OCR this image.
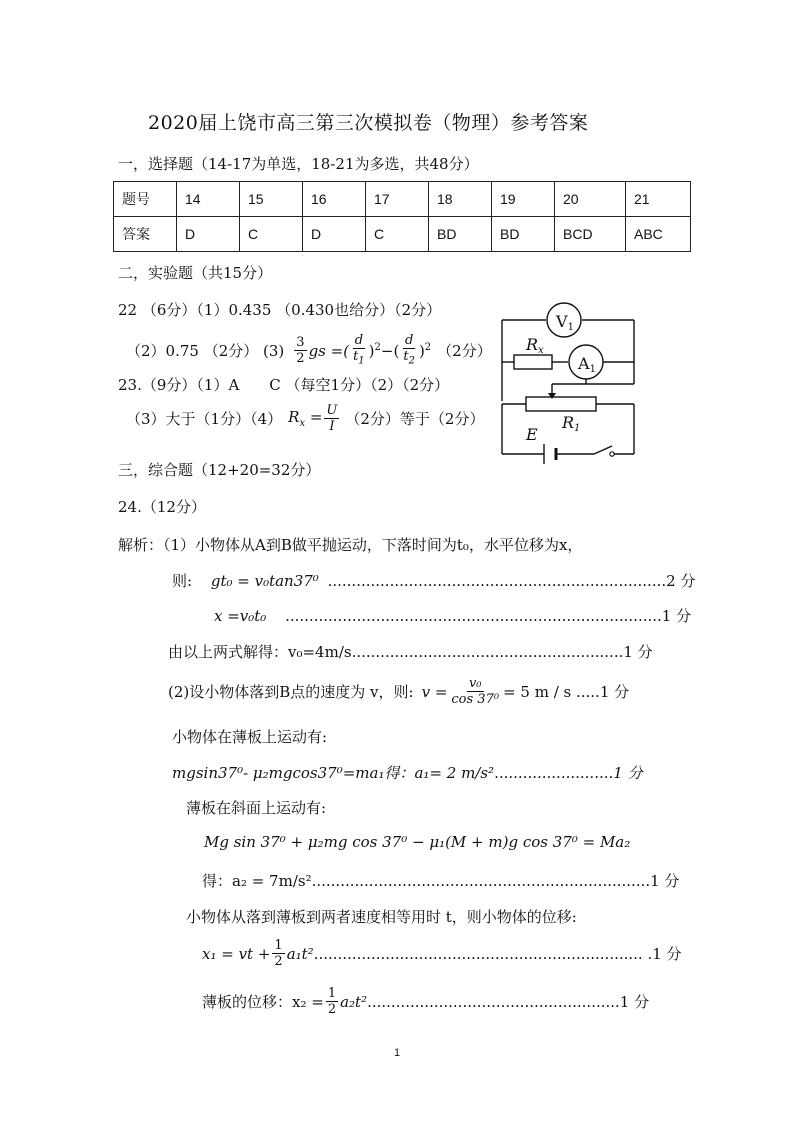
2020届上饶市高三第三次模拟卷（物理）参考答案
一，选择题（14-17为单选，18-21为多选，共48分）
题号	14	15	16	17	18	19	20	21
答案	D	C	D	C	BD	BD	BCD	ABC
二，实验题（共15分）
22 （6分）（1）0.435 （0.430也给分）（2分）
（2）0.75 （2分） $(3) \frac{3}{2}$ gs =( $\frac{d}{t_1} )^2-( \frac{d}{t_2} )^2$ （2分）
23.（9分）（1）A　　C （每空1分）（2）（2分）
（3）大于（1分）（4） $R_x = \frac{U}{I} (2$分）等于（2分）
V1
A1
Rx
R1
E
三，综合题（12+20=32分）
24.（12分）
解析：（1）小物体从A到B做平抛运动，下落时间为t₀，水平位移为x，
则: gt₀ = v₀tan37⁰ .......................................................................2 分
x =v₀t₀ ...............................................................................1 分
由以上两式解得：v₀=4m/s.........................................................1 分
(2)设小物体落到B点的速度为 v，则: $v = \frac{\text{v₀}}{\text{cos 37⁰}} = 5$ m / s .....1 分
小物体在薄板上运动有:
mgsin37⁰- μ₂mgcos37⁰=ma₁得：a₁= 2 m/s².........................1 分
薄板在斜面上运动有:
Mg sin 37⁰ + μ₂mg cos 37⁰ − μ₁(M + m)g cos 37⁰ = Ma₂
得：a₂ = 7m/s².......................................................................1 分
小物体从落到薄板到两者速度相等用时 t，则小物体的位移:
x₁ = vt + $\frac{1}{2} a_1t^2$ ..................................................................... .1 分
薄板的位移：$x_2 = \frac{1}{2} a_2t^2$ .....................................................1 分
1
